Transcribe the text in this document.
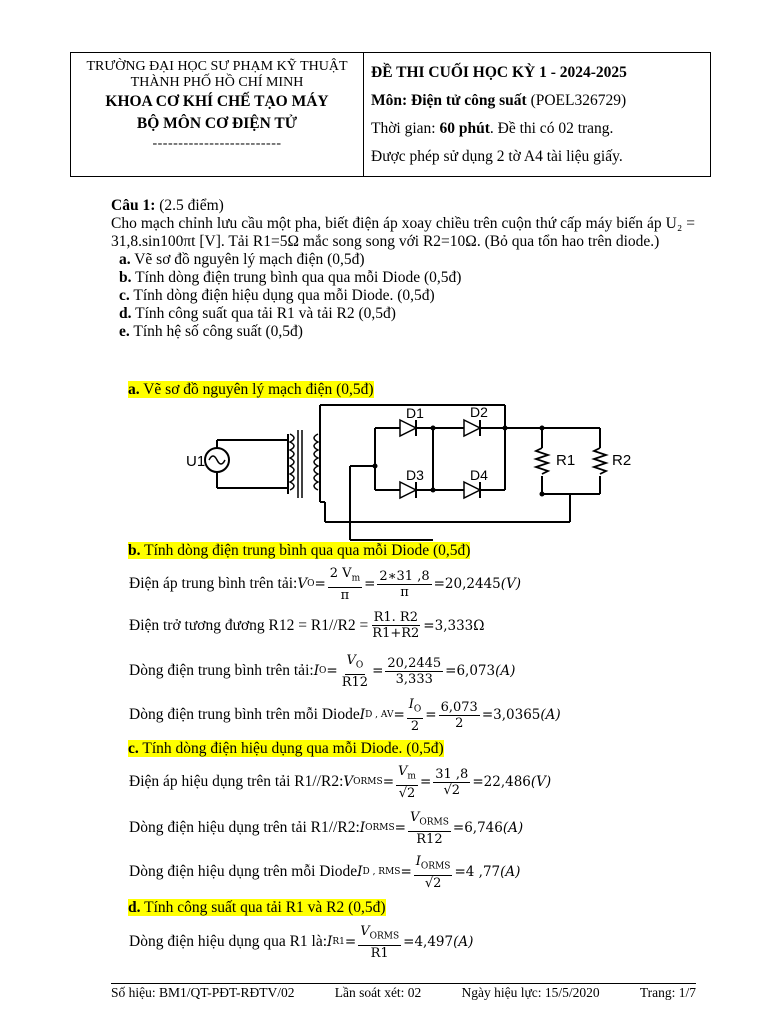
TRƯỜNG ĐẠI HỌC SƯ PHẠM KỸ THUẬT
THÀNH PHỐ HỒ CHÍ MINH
KHOA CƠ KHÍ CHẾ TẠO MÁY
BỘ MÔN CƠ ĐIỆN TỬ
-------------------------
ĐỀ THI CUỐI HỌC KỲ 1 - 2024-2025
Môn: Điện tử công suất (POEL326729)
Thời gian: 60 phút. Đề thi có 02 trang.
Được phép sử dụng 2 tờ A4 tài liệu giấy.

Câu 1: (2.5 điểm)

Cho mạch chỉnh lưu cầu một pha, biết điện áp xoay chiều trên cuộn thứ cấp máy biến áp U₂ = 31,8.sin100πt [V]. Tải R1=5Ω mắc song song với R2=10Ω. (Bỏ qua tổn hao trên diode.)

a. Vẽ sơ đồ nguyên lý mạch điện (0,5đ)
b. Tính dòng điện trung bình qua qua mỗi Diode (0,5đ)
c. Tính dòng điện hiệu dụng qua mỗi Diode. (0,5đ)
d. Tính công suất qua tải R1 và tải R2 (0,5đ)
e. Tính hệ số công suất (0,5đ)
a. Vẽ sơ đồ nguyên lý mạch điện (0,5đ)
U1
D1	D2
D3	D4
R1 R2
b. Tính dòng điện trung bình qua qua mỗi Diode (0,5đ)
Điện áp trung bình trên tải: V $O = \frac{2 V_m}{\pi} = \frac{2∗31 ,8}{\pi} =20,2445$ (V)
Điện trở tương đương $R12 = R1//R2 = \frac{R1. R2}{R1+R2} =3,333\Omega$
Dòng điện trung bình trên tải: I $O = \frac{V_O}{R12} = \frac{20,2445}{3,333} =6,073$ (A)
Dòng điện trung bình trên mỗi Diode I D , AV = $\frac{I_O}{2} = \frac{6,073}{2} =3,0365$ (A)
c. Tính dòng điện hiệu dụng qua mỗi Diode. (0,5đ)
Điện áp hiệu dụng trên tải R1//R2: V ORMS = $\frac{V_m}{√2} = \frac{31 ,8}{√2} =22,486$ (V)
Dòng điện hiệu dụng trên tải R1//R2: I ORMS = $\frac{V_{ORMS}}{R12} =6,746$ (A)
Dòng điện hiệu dụng trên mỗi Diode I D , RMS = $\frac{I_{ORMS}}{√2} =4$ ,77 (A)
d. Tính công suất qua tải R1 và R2 (0,5đ)
Dòng điện hiệu dụng qua R1 là: I $R1 = \frac{V_{ORMS}}{R1} =4,497$ (A)
Số hiệu: BM1/QT-PĐT-RĐTV/02	Lần soát xét: 02	Ngày hiệu lực: 15/5/2020	Trang: 1/7
